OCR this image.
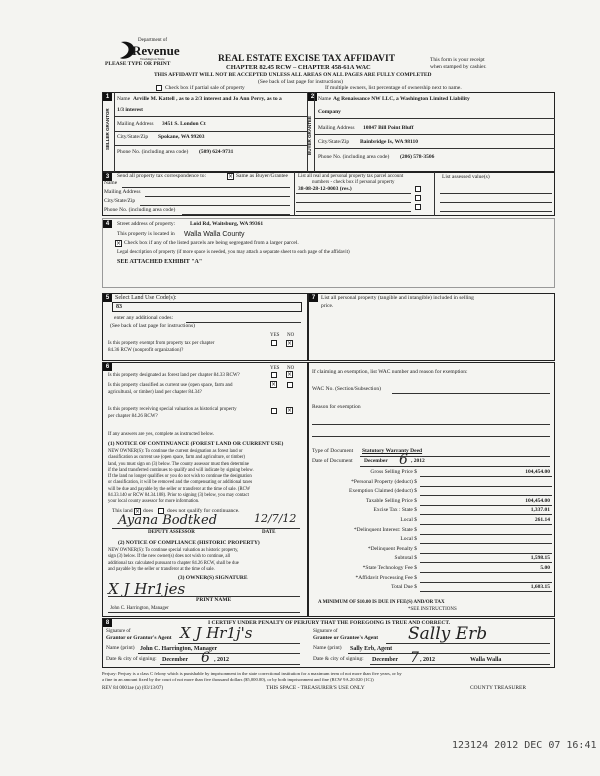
Department of
Revenue
Washington State
PLEASE TYPE OR PRINT	REAL ESTATE EXCISE TAX AFFIDAVIT
CHAPTER 82.45 RCW – CHAPTER 458-61A WAC
THIS AFFIDAVIT WILL NOT BE ACCEPTED UNLESS ALL AREAS ON ALL PAGES ARE FULLY COMPLETED
This form is your receipt
when stamped by cashier.
(See back of last page for instructions)
Check box if partial sale of property	If multiple owners, list percentage of ownership next to name.
1	2
SELLER GRANTOR	BUYER GRANTEE
Name Arville M. Kattell , as to a 2/3 interest and Jo Ann Perry, as to a
1/3 interest
Mailing Address 3451 S. London Ct
City/State/Zip Spokane, WA 99203
Phone No. (including area code) (509) 624-9731
Name Ag Renaissance NW LLC, a Washington Limited Liability
Company
Mailing Address 10847 Bill Point Bluff
City/State/Zip Bainbridge Is, WA 98110
Phone No. (including area code) (206) 578-3506
3	Send all property tax correspondence to:	× Same as Buyer/Grantee List all real and personal property tax parcel account
numbers - check box if personal property
38-08-28-12-0003 (res.)
List assessed value(s)
Name
Mailing Address
City/State/Zip
Phone No. (including area code)
4	Street address of property:	Loid Rd, Waitsburg, WA 99361
This property is located in Walla Walla County
× Check box if any of the listed parcels are being segregated from a larger parcel.
Legal description of property (if more space is needed, you may attach a separate sheet to each page of the affidavit)
SEE ATTACHED EXHIBIT "A"
5 Select Land Use Code(s):
83
enter any additional codes:
(See back of last page for instructions)
YES NO
Is this property exempt from property tax per chapter
84.36 RCW (nonprofit organization)?
×
7	List all personal property (tangible and intangible) included in selling
price.
6	YES NO
Is this property designated as forest land per chapter 84.33 RCW?	×
Is this property classified as current use (open space, farm and
agricultural, or timber) land per chapter 84.34?
×
Is this property receiving special valuation as historical property
per chapter 84.26 RCW?
×
If any answers are yes, complete as instructed below.
(1) NOTICE OF CONTINUANCE (FOREST LAND OR CURRENT USE)
NEW OWNER(S): To continue the current designation as forest land or
classification as current use (open space, farm and agriculture, or timber)
land, you must sign on (3) below. The county assessor must then determine
if the land transferred continues to qualify and will indicate by signing below.
If the land no longer qualifies or you do not wish to continue the designation
or classification, it will be removed and the compensating or additional taxes
will be due and payable by the seller or transferor at the time of sale. (RCW
84.33.140 or RCW 84.34.108). Prior to signing (3) below, you may contact
your local county assessor for more information.
This land × does	does not qualify for continuance.
Ayana Bodtked	12/7/12
DEPUTY ASSESSOR	DATE
(2) NOTICE OF COMPLIANCE (HISTORIC PROPERTY)
NEW OWNER(S): To continue special valuation as historic property,
sign (3) below. If the new owner(s) does not wish to continue, all
additional tax calculated pursuant to chapter 84.26 RCW, shall be due
and payable by the seller or transferor at the time of sale.
(3) OWNER(S) SIGNATURE
X J Hr1jes
PRINT NAME
John C. Harrington, Manager
If claiming an exemption, list WAC number and reason for exemption:
WAC No. (Section/Subsection)
Reason for exemption
Type of Document Statutory Warranty Deed
Date of Document December 6 , 2012
Gross Selling Price $	104,454.00
*Personal Property (deduct) $
Exemption Claimed (deduct) $
Taxable Selling Price $	104,454.00
Excise Tax : State $	1,337.01
Local $	261.14
*Delinquent Interest: State $
Local $
*Delinquent Penalty $
Subtotal $	1,598.15
*State Technology Fee $	5.00
*Affidavit Processing Fee $
Total Due $	1,603.15
A MINIMUM OF $10.00 IS DUE IN FEE(S) AND/OR TAX
*SEE INSTRUCTIONS
8	I CERTIFY UNDER PENALTY OF PERJURY THAT THE FOREGOING IS TRUE AND CORRECT.
Signature of
Grantor or Grantor's Agent X J Hr1j's
Name (print) John C. Harrington, Manager
Date & city of signing: December 6 , 2012
Signature of
Grantee or Grantee's Agent Sally Erb
Name (print) Sally Erb, Agent
Date & city of signing: December 7 , 2012	Walla Walla
Perjury: Perjury is a class C felony which is punishable by imprisonment in the state correctional institution for a maximum term of not more than five years, or by
a fine in an amount fixed by the court of not more than five thousand dollars ($5,000.00), or by both imprisonment and fine (RCW 9A.20.020 (1C))
REV 84 0001ae (a) (03/13/07)	THIS SPACE - TREASURER'S USE ONLY	COUNTY TREASURER
123124 2012 DEC 07 16:41
